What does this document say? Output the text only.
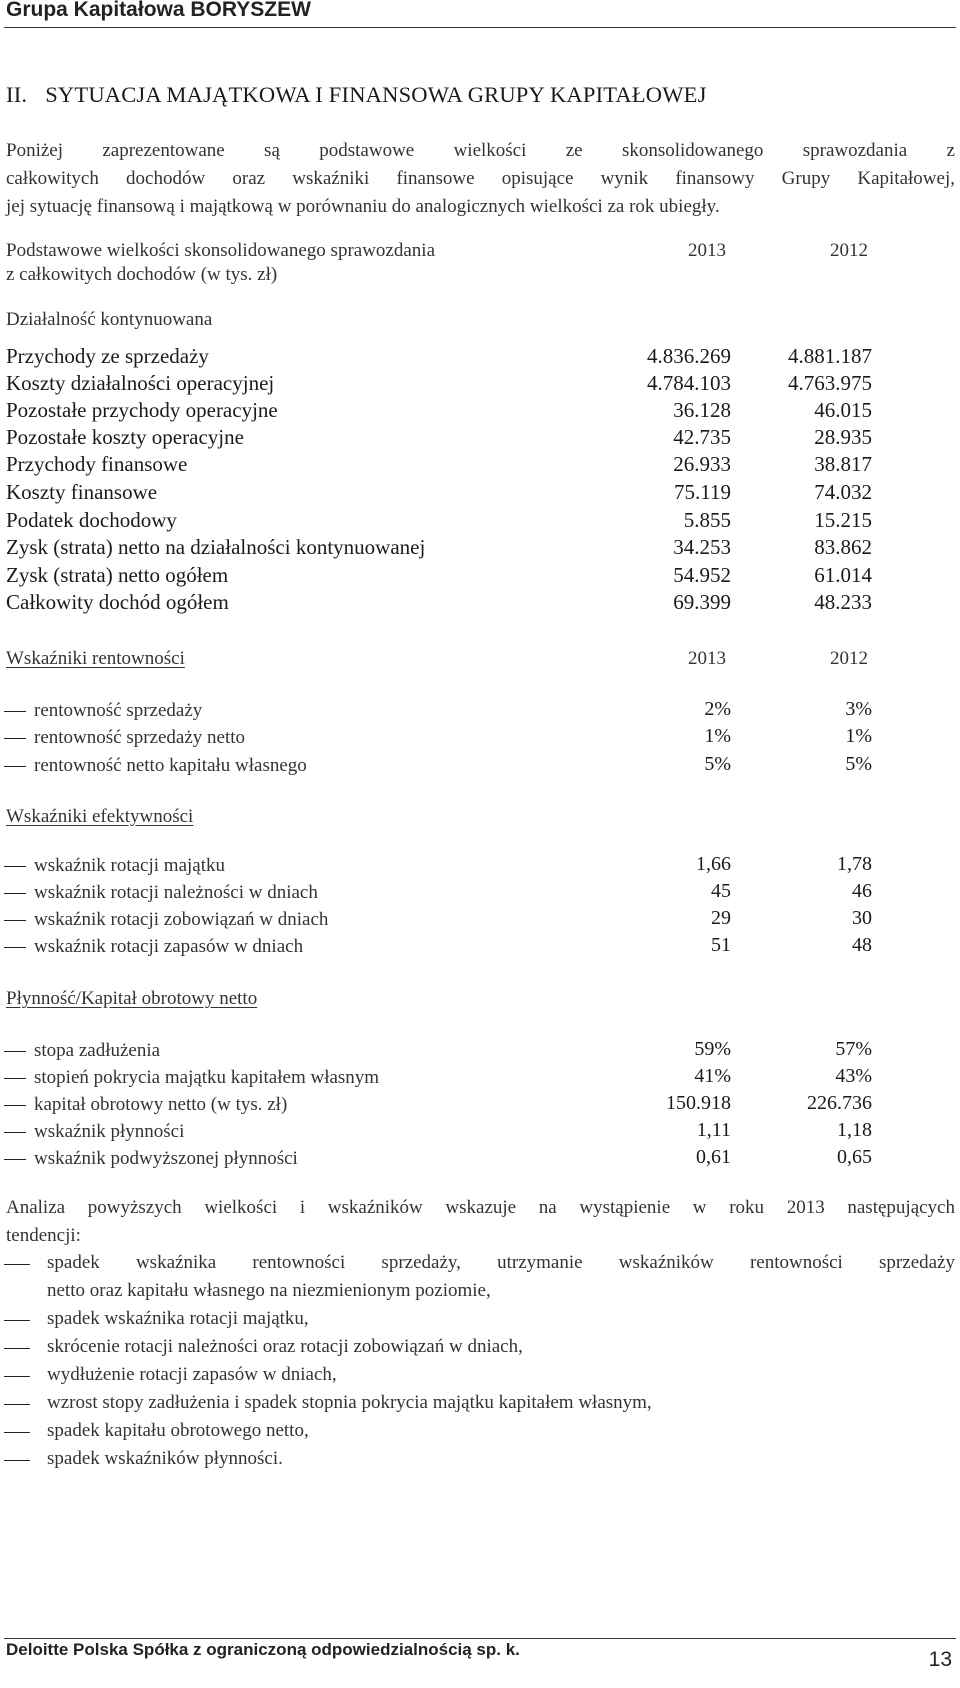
Grupa Kapitałowa BORYSZEW
II. SYTUACJA MAJĄTKOWA I FINANSOWA GRUPY KAPITAŁOWEJ
Poniżej zaprezentowane są podstawowe wielkości ze skonsolidowanego sprawozdania z
całkowitych dochodów oraz wskaźniki finansowe opisujące wynik finansowy Grupy Kapitałowej,
jej sytuację finansową i majątkową w porównaniu do analogicznych wielkości za rok ubiegły.
Podstawowe wielkości skonsolidowanego sprawozdania
z całkowitych dochodów (w tys. zł)
2013	2012
Działalność kontynuowana
Przychody ze sprzedaży	4.836.269	4.881.187
Koszty działalności operacyjnej	4.784.103	4.763.975
Pozostałe przychody operacyjne	36.128	46.015
Pozostałe koszty operacyjne	42.735	28.935
Przychody finansowe	26.933	38.817
Koszty finansowe	75.119	74.032
Podatek dochodowy	5.855	15.215
Zysk (strata) netto na działalności kontynuowanej	34.253	83.862
Zysk (strata) netto ogółem	54.952	61.014
Całkowity dochód ogółem	69.399	48.233
Wskaźniki rentowności	2013	2012
rentowność sprzedaży	2%	3%
rentowność sprzedaży netto	1%	1%
rentowność netto kapitału własnego	5%	5%
Wskaźniki efektywności
wskaźnik rotacji majątku	1,66	1,78
wskaźnik rotacji należności w dniach	45	46
wskaźnik rotacji zobowiązań w dniach	29	30
wskaźnik rotacji zapasów w dniach	51	48
Płynność/Kapitał obrotowy netto
stopa zadłużenia	59%	57%
stopień pokrycia majątku kapitałem własnym	41%	43%
kapitał obrotowy netto (w tys. zł)	150.918	226.736
wskaźnik płynności	1,11	1,18
wskaźnik podwyższonej płynności	0,61	0,65
Analiza powyższych wielkości i wskaźników wskazuje na wystąpienie w roku 2013 następujących
tendencji:
spadek wskaźnika rentowności sprzedaży, utrzymanie wskaźników rentowności sprzedaży
netto oraz kapitału własnego na niezmienionym poziomie,
spadek wskaźnika rotacji majątku,
skrócenie rotacji należności oraz rotacji zobowiązań w dniach,
wydłużenie rotacji zapasów w dniach,
wzrost stopy zadłużenia i spadek stopnia pokrycia majątku kapitałem własnym,
spadek kapitału obrotowego netto,
spadek wskaźników płynności.
Deloitte Polska Spółka z ograniczoną odpowiedzialnością sp. k.	13
